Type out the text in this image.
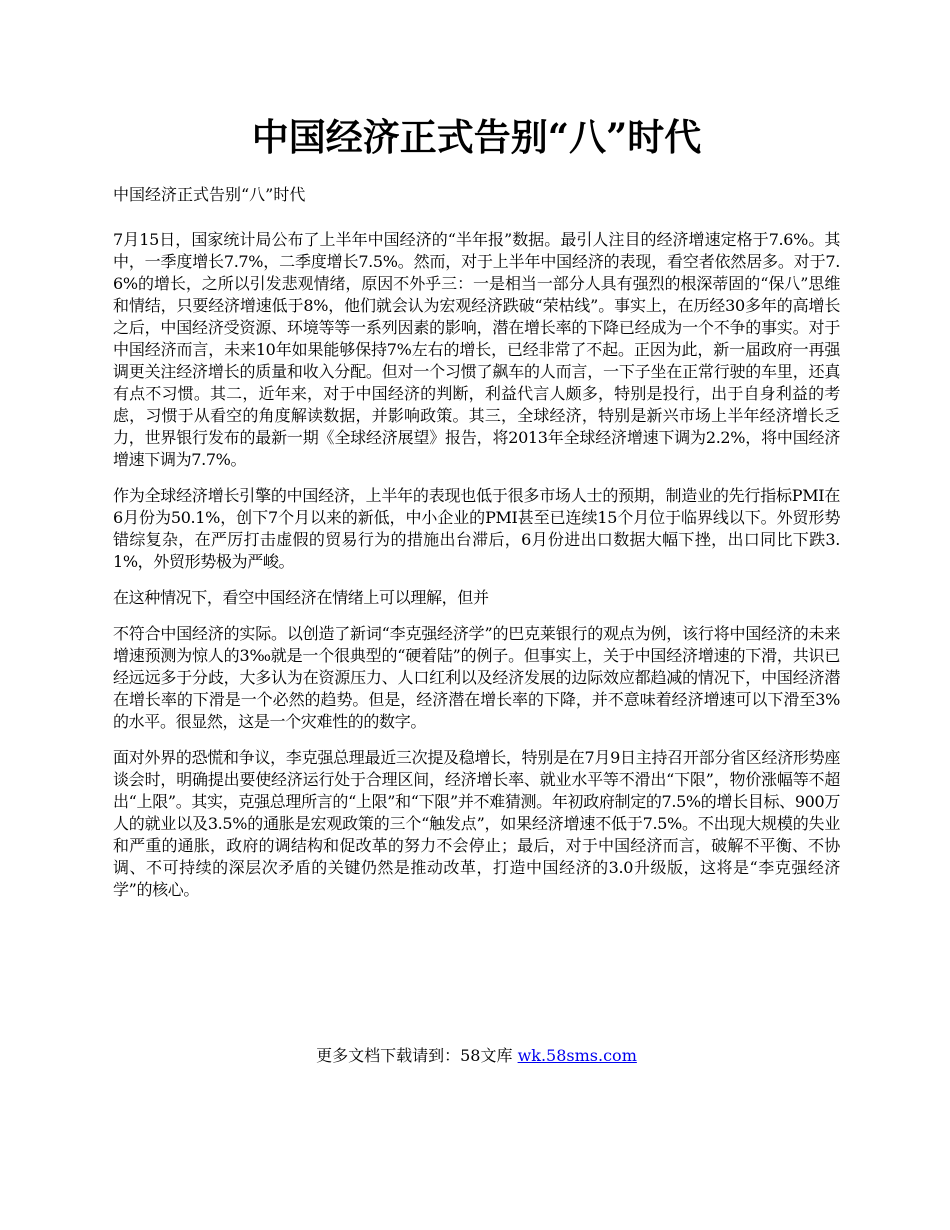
中国经济正式告别“八”时代

中国经济正式告别“八”时代

7月15日，国家统计局公布了上半年中国经济的“半年报”数据。最引人注目的经济增速定格于7.6%。其中，一季度增长7.7%，二季度增长7.5%。然而，对于上半年中国经济的表现，看空者依然居多。对于7.6%的增长，之所以引发悲观情绪，原因不外乎三：一是相当一部分人具有强烈的根深蒂固的“保八”思维和情结，只要经济增速低于8%，他们就会认为宏观经济跌破“荣枯线”。事实上，在历经30多年的高增长之后，中国经济受资源、环境等等一系列因素的影响，潜在增长率的下降已经成为一个不争的事实。对于中国经济而言，未来10年如果能够保持7%左右的增长，已经非常了不起。正因为此，新一届政府一再强调更关注经济增长的质量和收入分配。但对一个习惯了飙车的人而言，一下子坐在正常行驶的车里，还真有点不习惯。其二，近年来，对于中国经济的判断，利益代言人颇多，特别是投行，出于自身利益的考虑，习惯于从看空的角度解读数据，并影响政策。其三，全球经济，特别是新兴市场上半年经济增长乏力，世界银行发布的最新一期《全球经济展望》报告，将2013年全球经济增速下调为2.2%，将中国经济增速下调为7.7%。

作为全球经济增长引擎的中国经济，上半年的表现也低于很多市场人士的预期，制造业的先行指标PMI在6月份为50.1%，创下7个月以来的新低，中小企业的PMI甚至已连续15个月位于临界线以下。外贸形势错综复杂，在严厉打击虚假的贸易行为的措施出台滞后，6月份进出口数据大幅下挫，出口同比下跌3.1%，外贸形势极为严峻。

在这种情况下，看空中国经济在情绪上可以理解，但并

不符合中国经济的实际。以创造了新词“李克强经济学”的巴克莱银行的观点为例，该行将中国经济的未来增速预测为惊人的3‰就是一个很典型的“硬着陆”的例子。但事实上，关于中国经济增速的下滑，共识已经远远多于分歧，大多认为在资源压力、人口红利以及经济发展的边际效应都趋减的情况下，中国经济潜在增长率的下滑是一个必然的趋势。但是，经济潜在增长率的下降，并不意味着经济增速可以下滑至3%的水平。很显然，这是一个灾难性的的数字。

面对外界的恐慌和争议，李克强总理最近三次提及稳增长，特别是在7月9日主持召开部分省区经济形势座谈会时，明确提出要使经济运行处于合理区间，经济增长率、就业水平等不滑出“下限”，物价涨幅等不超出“上限”。其实，克强总理所言的“上限”和“下限”并不难猜测。年初政府制定的7.5%的增长目标、900万人的就业以及3.5%的通胀是宏观政策的三个“触发点”，如果经济增速不低于7.5%。不出现大规模的失业和严重的通胀，政府的调结构和促改革的努力不会停止；最后，对于中国经济而言，破解不平衡、不协调、不可持续的深层次矛盾的关键仍然是推动改革，打造中国经济的3.0升级版，这将是“李克强经济学”的核心。

更多文档下载请到：58文库 wk.58sms.com
